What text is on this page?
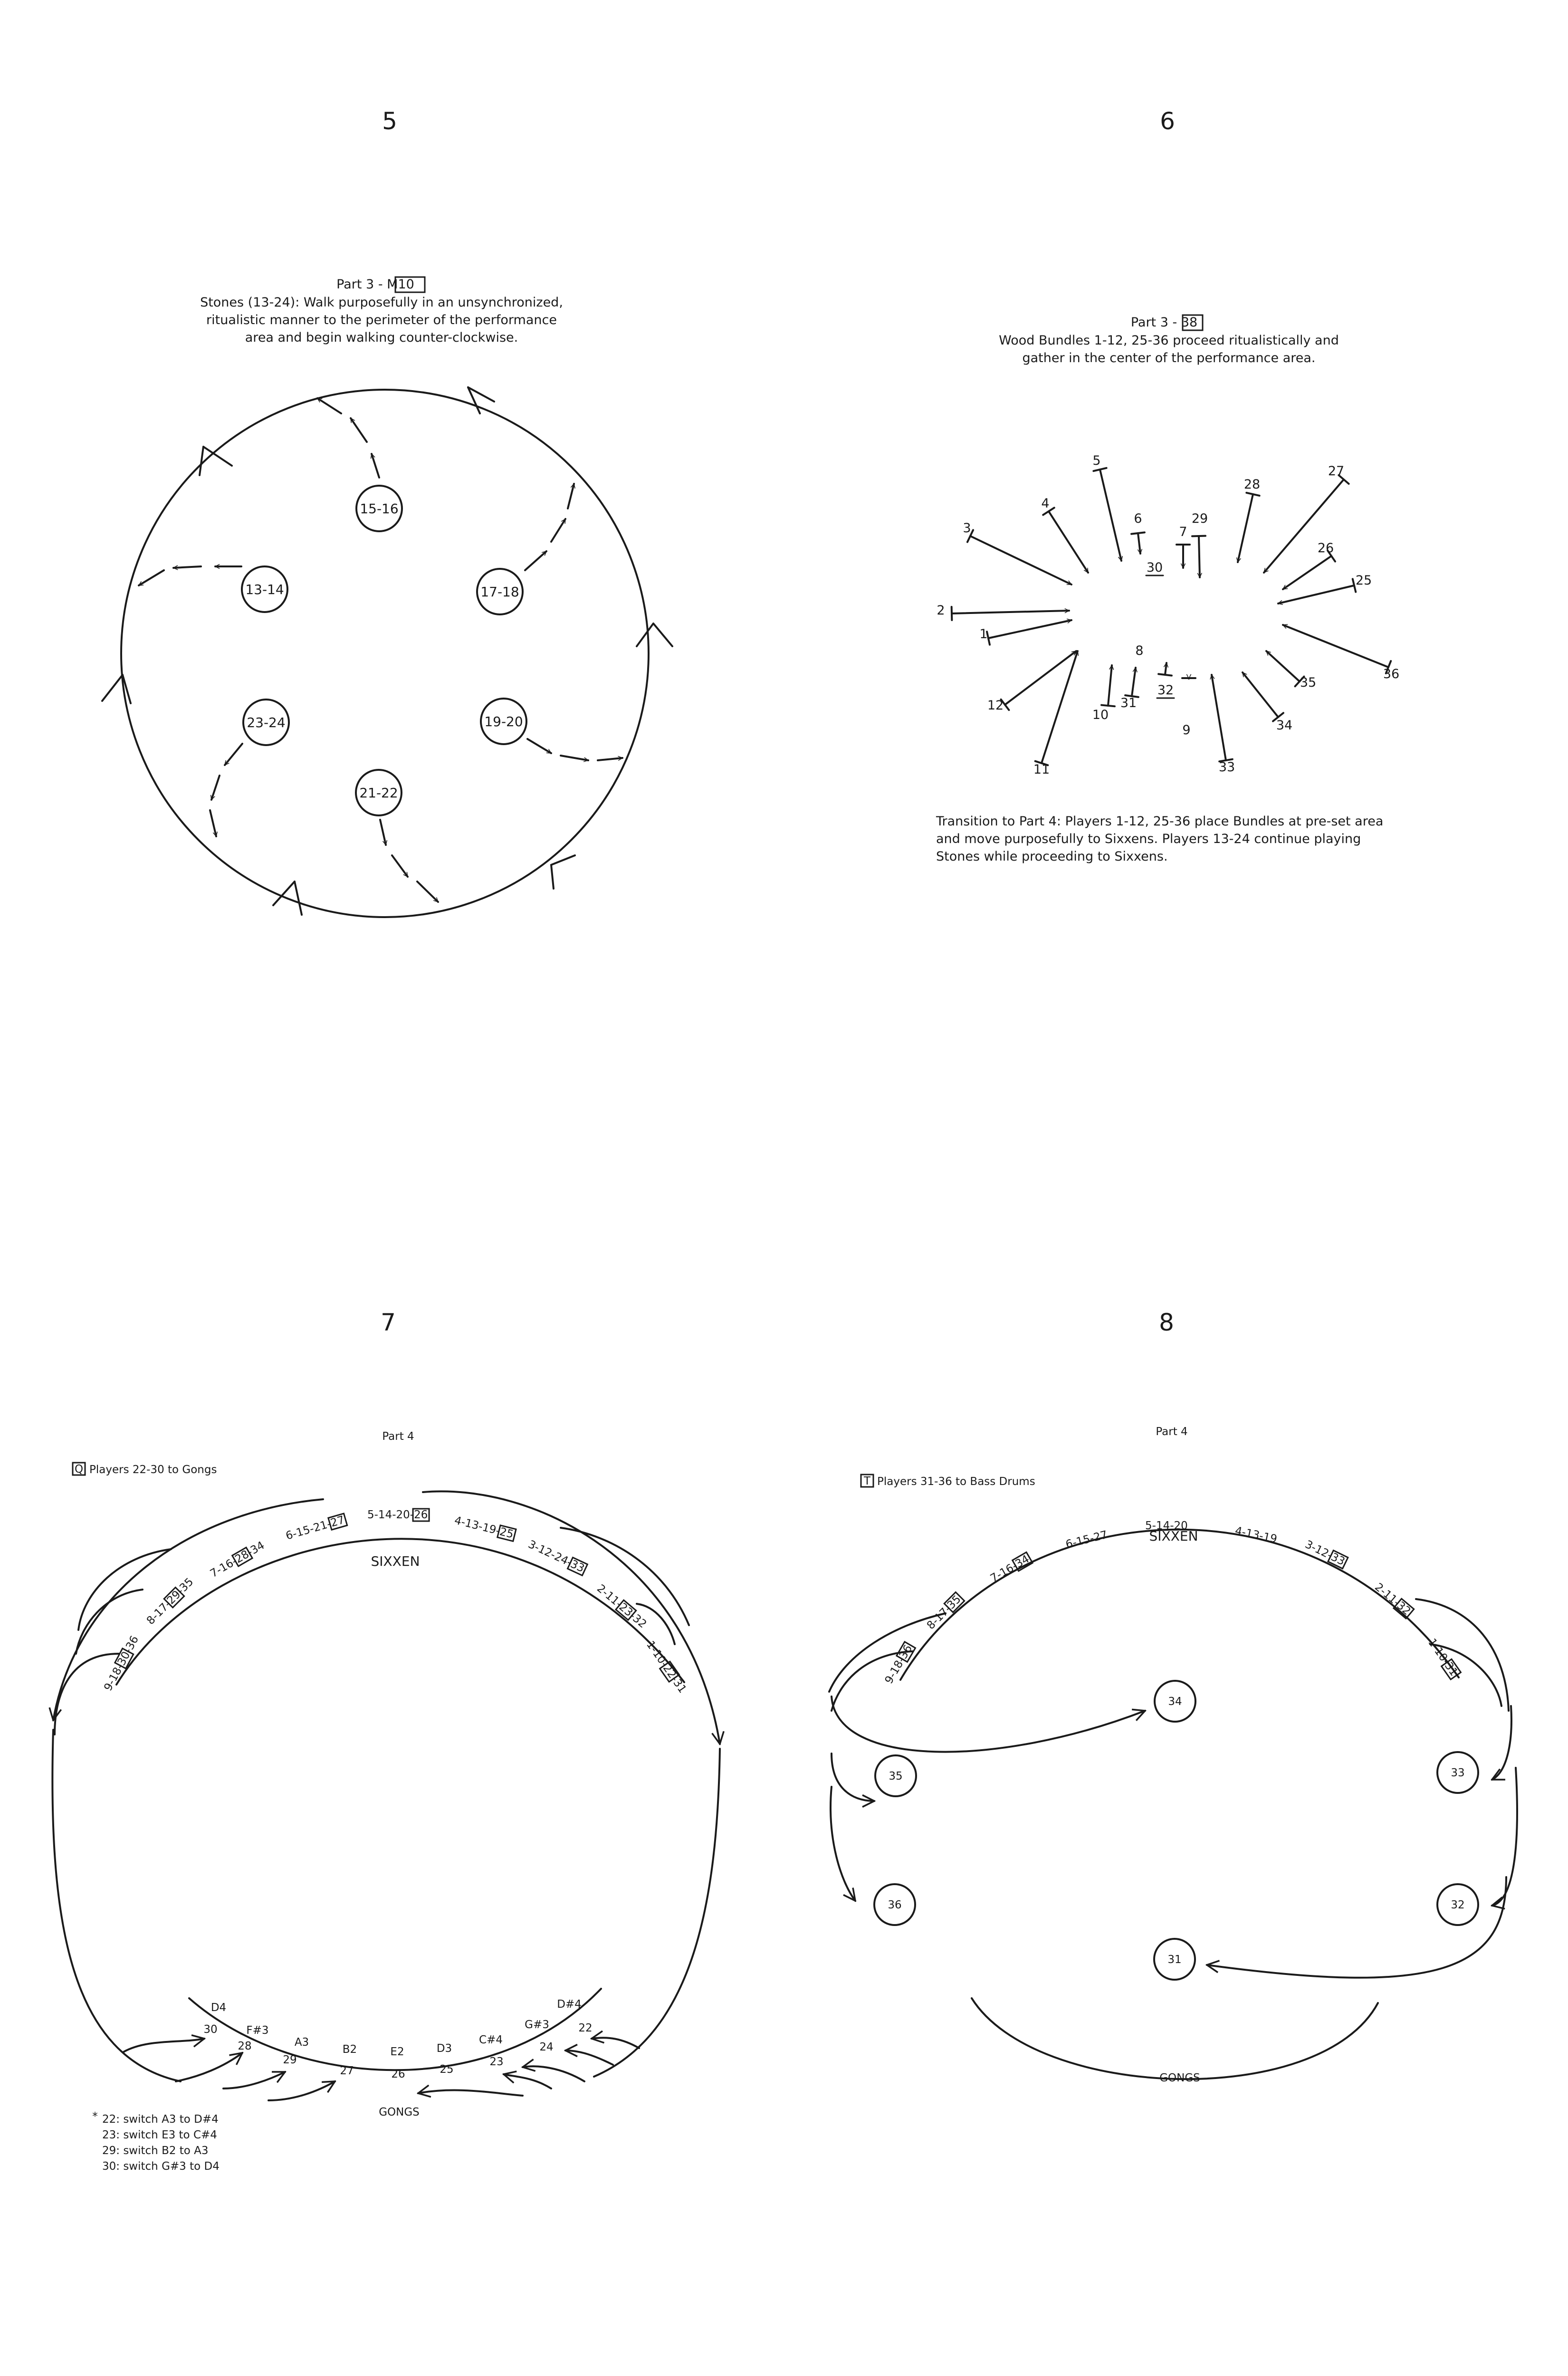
5
Part 3 - M10
Stones (13-24): Walk purposefully in an unsynchronized,
ritualistic manner to the perimeter of the performance
area and begin walking counter-clockwise.
15-16
13-14	17-18
23-24	19-20
21-22
6
Part 3 - 38
Wood Bundles 1-12, 25-36 proceed ritualistically and
gather in the center of the performance area.
1
2
3
4
5
6
7
8
9
10
11
12
25
26
27
28
29
30
31
32
33
34
35
36
Transition to Part 4: Players 1-12, 25-36 place Bundles at pre-set area
and move purposefully to Sixxens. Players 13-24 continue playing
Stones while proceeding to Sixxens.
7
Part 4
Q Players 22-30 to Gongs
SIXXEN
9-18-30-36
8-17-29-35
7-16-28-34
6-15-21-27 5-14-20-26 4-13-19-25
3-12-24-33
2-11-23-32
1-10-22-31
D4
F#3
A3
B2	E2	D3
C#4
G#3
D#4
30
28
29
27	26	25
23
24
22
GONGS
* 22: switch A3 to D#4
23: switch E3 to C#4
29: switch B2 to A3
30: switch G#3 to D4
8
Part 4
T Players 31-36 to Bass Drums
SIXXEN
9-18-36
8-17-35
7-16-34
6-15-27
5-14-20	4-13-19
3-12-33
2-11-32
1-10-31
34
35	33
36	32
31
GONGS
